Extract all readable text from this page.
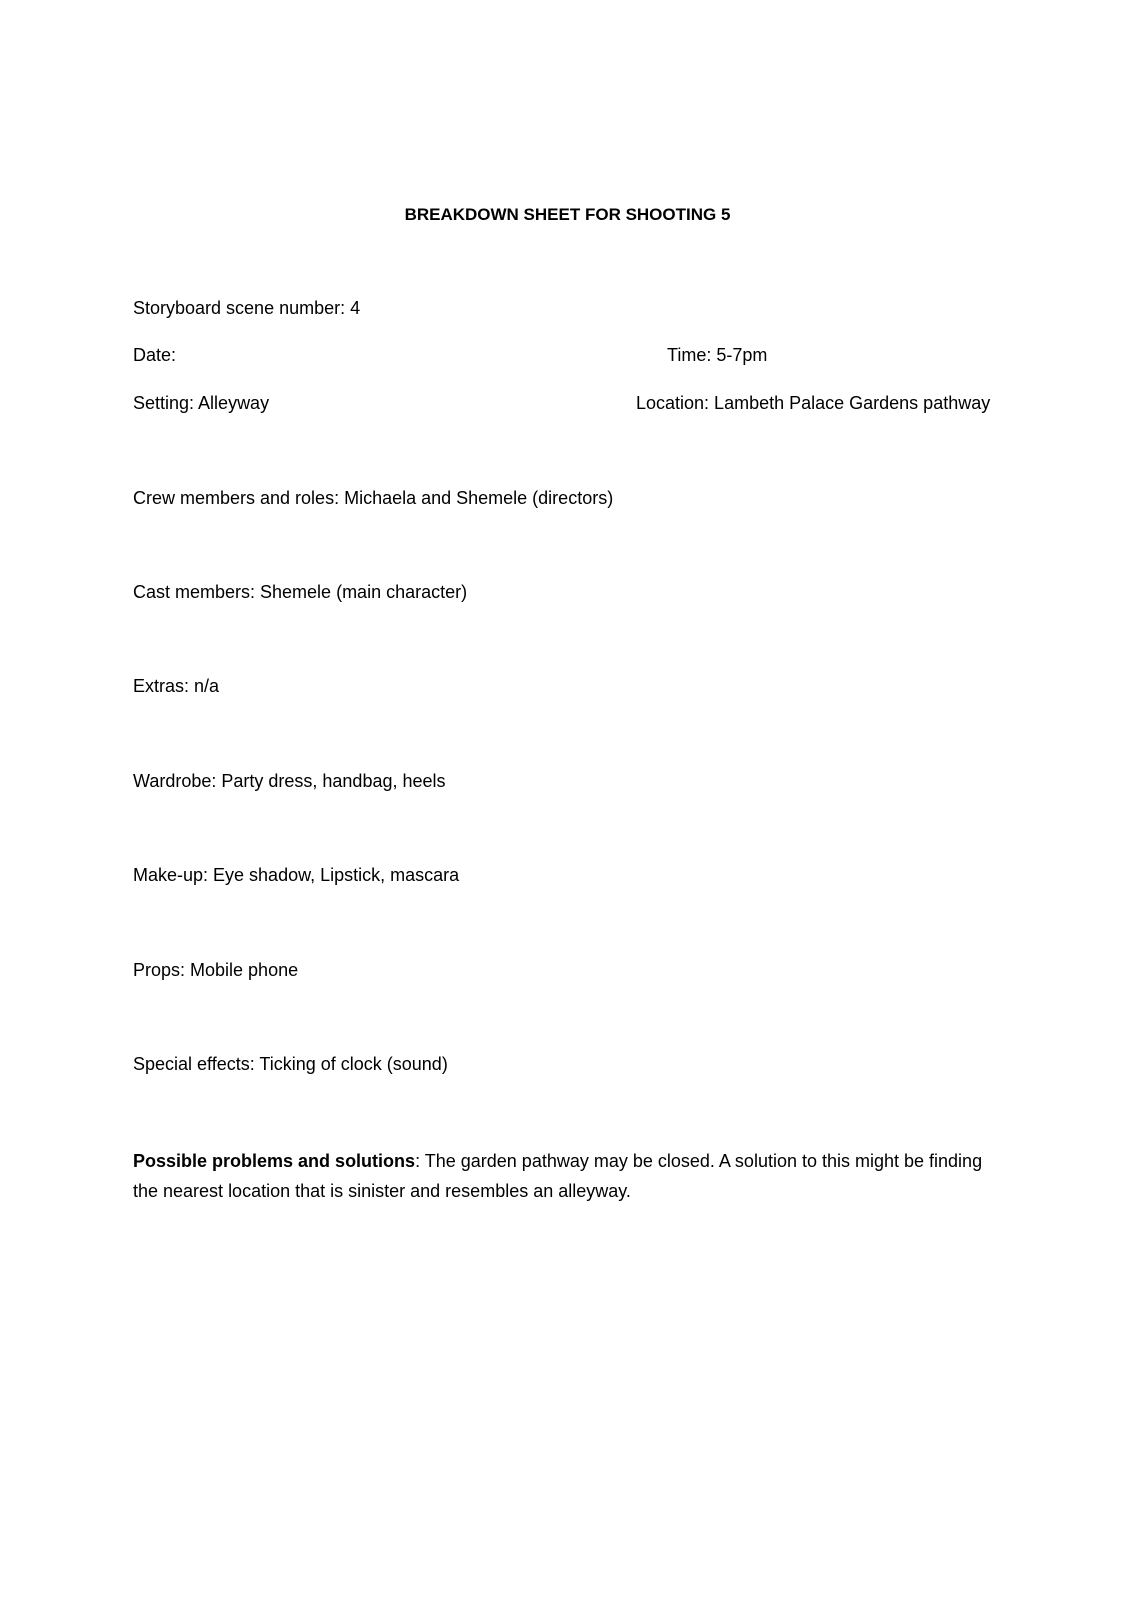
BREAKDOWN SHEET FOR SHOOTING 5
Storyboard scene number: 4
Date:	Time: 5-7pm
Setting: Alleyway	Location: Lambeth Palace Gardens pathway
Crew members and roles: Michaela and Shemele (directors)
Cast members: Shemele (main character)
Extras: n/a
Wardrobe: Party dress, handbag, heels
Make-up: Eye shadow, Lipstick, mascara
Props: Mobile phone
Special effects: Ticking of clock (sound)
Possible problems and solutions: The garden pathway may be closed. A solution to this might be finding the nearest location that is sinister and resembles an alleyway.
